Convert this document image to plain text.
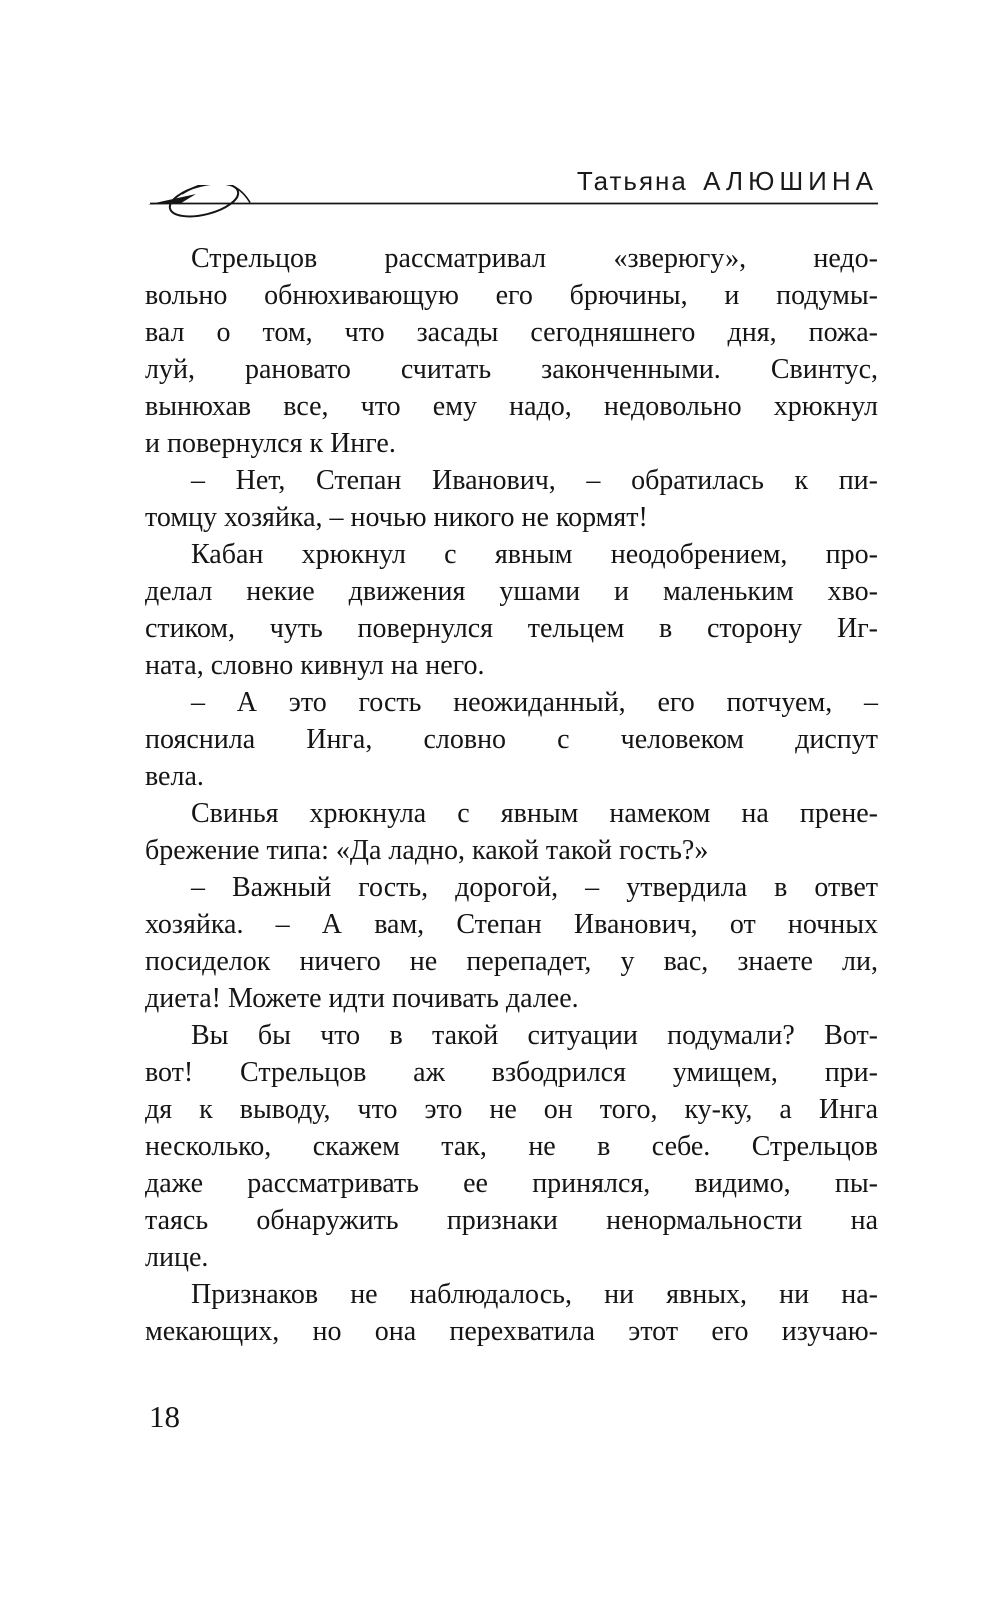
Татьяна АЛЮШИНА
Стрельцов рассматривал «зверюгу», недо-
вольно обнюхивающую его брючины, и подумы-
вал о том, что засады сегодняшнего дня, пожа-
луй, рановато считать законченными. Свинтус,
вынюхав все, что ему надо, недовольно хрюкнул
и повернулся к Инге.
– Нет, Степан Иванович, – обратилась к пи-
томцу хозяйка, – ночью никого не кормят!
Кабан хрюкнул с явным неодобрением, про-
делал некие движения ушами и маленьким хво-
стиком, чуть повернулся тельцем в сторону Иг-
ната, словно кивнул на него.
– А это гость неожиданный, его потчуем, –
пояснила Инга, словно с человеком диспут
вела.
Свинья хрюкнула с явным намеком на прене-
брежение типа: «Да ладно, какой такой гость?»
– Важный гость, дорогой, – утвердила в ответ
хозяйка. – А вам, Степан Иванович, от ночных
посиделок ничего не перепадет, у вас, знаете ли,
диета! Можете идти почивать далее.
Вы бы что в такой ситуации подумали? Вот-
вот! Стрельцов аж взбодрился умищем, при-
дя к выводу, что это не он того, ку-ку, а Инга
несколько, скажем так, не в себе. Стрельцов
даже рассматривать ее принялся, видимо, пы-
таясь обнаружить признаки ненормальности на
лице.
Признаков не наблюдалось, ни явных, ни на-
мекающих, но она перехватила этот его изучаю-
18
